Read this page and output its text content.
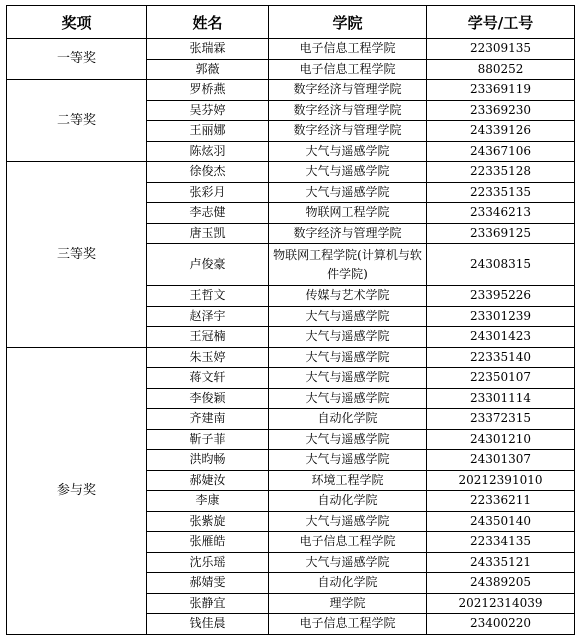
奖项	姓名	学院	学号/工号
一等奖	张瑞霖	电子信息工程学院	22309135
	郭薇	电子信息工程学院	880252
二等奖	罗桥燕	数字经济与管理学院	23369119
	吴芬婷	数字经济与管理学院	23369230
	王丽娜	数字经济与管理学院	24339126
	陈炫羽	大气与遥感学院	24367106
三等奖	徐俊杰	大气与遥感学院	22335128
	张彩月	大气与遥感学院	22335135
	李志健	物联网工程学院	23346213
	唐玉凯	数字经济与管理学院	23369125
	卢俊豪	物联网工程学院(计算机与软件学院)	24308315
	王哲文	传媒与艺术学院	23395226
	赵泽宇	大气与遥感学院	23301239
	王冠楠	大气与遥感学院	24301423
参与奖	朱玉婷	大气与遥感学院	22335140
	蒋文轩	大气与遥感学院	22350107
	李俊颖	大气与遥感学院	23301114
	齐建南	自动化学院	23372315
	靳子菲	大气与遥感学院	24301210
	洪昀畅	大气与遥感学院	24301307
	郝婕汝	环境工程学院	20212391010
	李康	自动化学院	22336211
	张紫旋	大气与遥感学院	24350140
	张雁皓	电子信息工程学院	22334135
	沈乐瑶	大气与遥感学院	24335121
	郝婧雯	自动化学院	24389205
	张静宜	理学院	20212314039
	钱佳晨	电子信息工程学院	23400220
